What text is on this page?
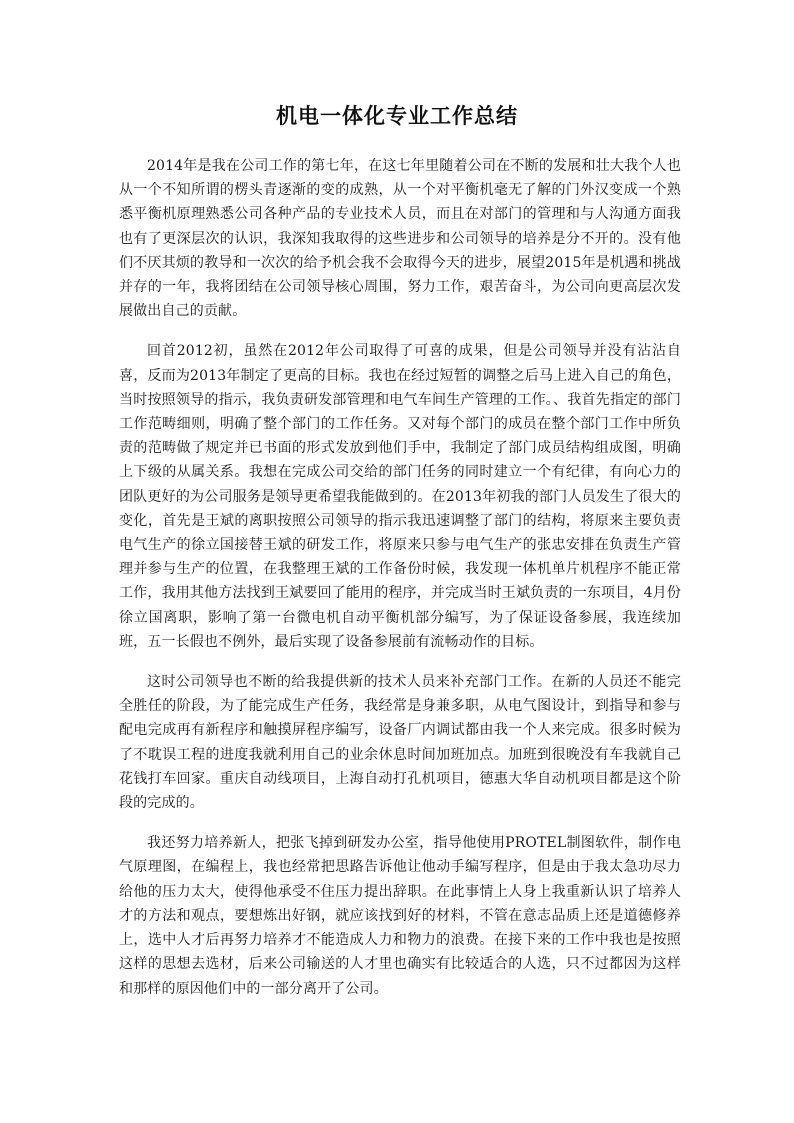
机电一体化专业工作总结

2014年是我在公司工作的第七年，在这七年里随着公司在不断的发展和壮大我个人也从一个不知所谓的楞头青逐渐的变的成熟，从一个对平衡机毫无了解的门外汉变成一个熟悉平衡机原理熟悉公司各种产品的专业技术人员，而且在对部门的管理和与人沟通方面我也有了更深层次的认识，我深知我取得的这些进步和公司领导的培养是分不开的。没有他们不厌其烦的教导和一次次的给予机会我不会取得今天的进步，展望2015年是机遇和挑战并存的一年，我将团结在公司领导核心周围，努力工作，艰苦奋斗，为公司向更高层次发展做出自己的贡献。

回首2012初，虽然在2012年公司取得了可喜的成果，但是公司领导并没有沾沾自喜，反而为2013年制定了更高的目标。我也在经过短暂的调整之后马上进入自己的角色，当时按照领导的指示，我负责研发部管理和电气车间生产管理的工作。、我首先指定的部门工作范畴细则，明确了整个部门的工作任务。又对每个部门的成员在整个部门工作中所负责的范畴做了规定并已书面的形式发放到他们手中，我制定了部门成员结构组成图，明确上下级的从属关系。我想在完成公司交给的部门任务的同时建立一个有纪律，有向心力的团队更好的为公司服务是领导更希望我能做到的。在2013年初我的部门人员发生了很大的变化，首先是王斌的离职按照公司领导的指示我迅速调整了部门的结构，将原来主要负责电气生产的徐立国接替王斌的研发工作，将原来只参与电气生产的张忠安排在负责生产管理并参与生产的位置，在我整理王斌的工作备份时候，我发现一体机单片机程序不能正常工作，我用其他方法找到王斌要回了能用的程序，并完成当时王斌负责的一东项目，4月份徐立国离职，影响了第一台微电机自动平衡机部分编写，为了保证设备参展，我连续加班，五一长假也不例外，最后实现了设备参展前有流畅动作的目标。

这时公司领导也不断的给我提供新的技术人员来补充部门工作。在新的人员还不能完全胜任的阶段，为了能完成生产任务，我经常是身兼多职，从电气图设计，到指导和参与配电完成再有新程序和触摸屏程序编写，设备厂内调试都由我一个人来完成。很多时候为了不耽误工程的进度我就利用自己的业余休息时间加班加点。加班到很晚没有车我就自己花钱打车回家。重庆自动线项目，上海自动打孔机项目，德惠大华自动机项目都是这个阶段的完成的。

我还努力培养新人，把张飞掉到研发办公室，指导他使用PROTEL制图软件，制作电气原理图，在编程上，我也经常把思路告诉他让他动手编写程序，但是由于我太急功尽力给他的压力太大，使得他承受不住压力提出辞职。在此事情上人身上我重新认识了培养人才的方法和观点，要想炼出好钢，就应该找到好的材料，不管在意志品质上还是道德修养上，选中人才后再努力培养才不能造成人力和物力的浪费。在接下来的工作中我也是按照这样的思想去选材，后来公司输送的人才里也确实有比较适合的人选，只不过都因为这样和那样的原因他们中的一部分离开了公司。
